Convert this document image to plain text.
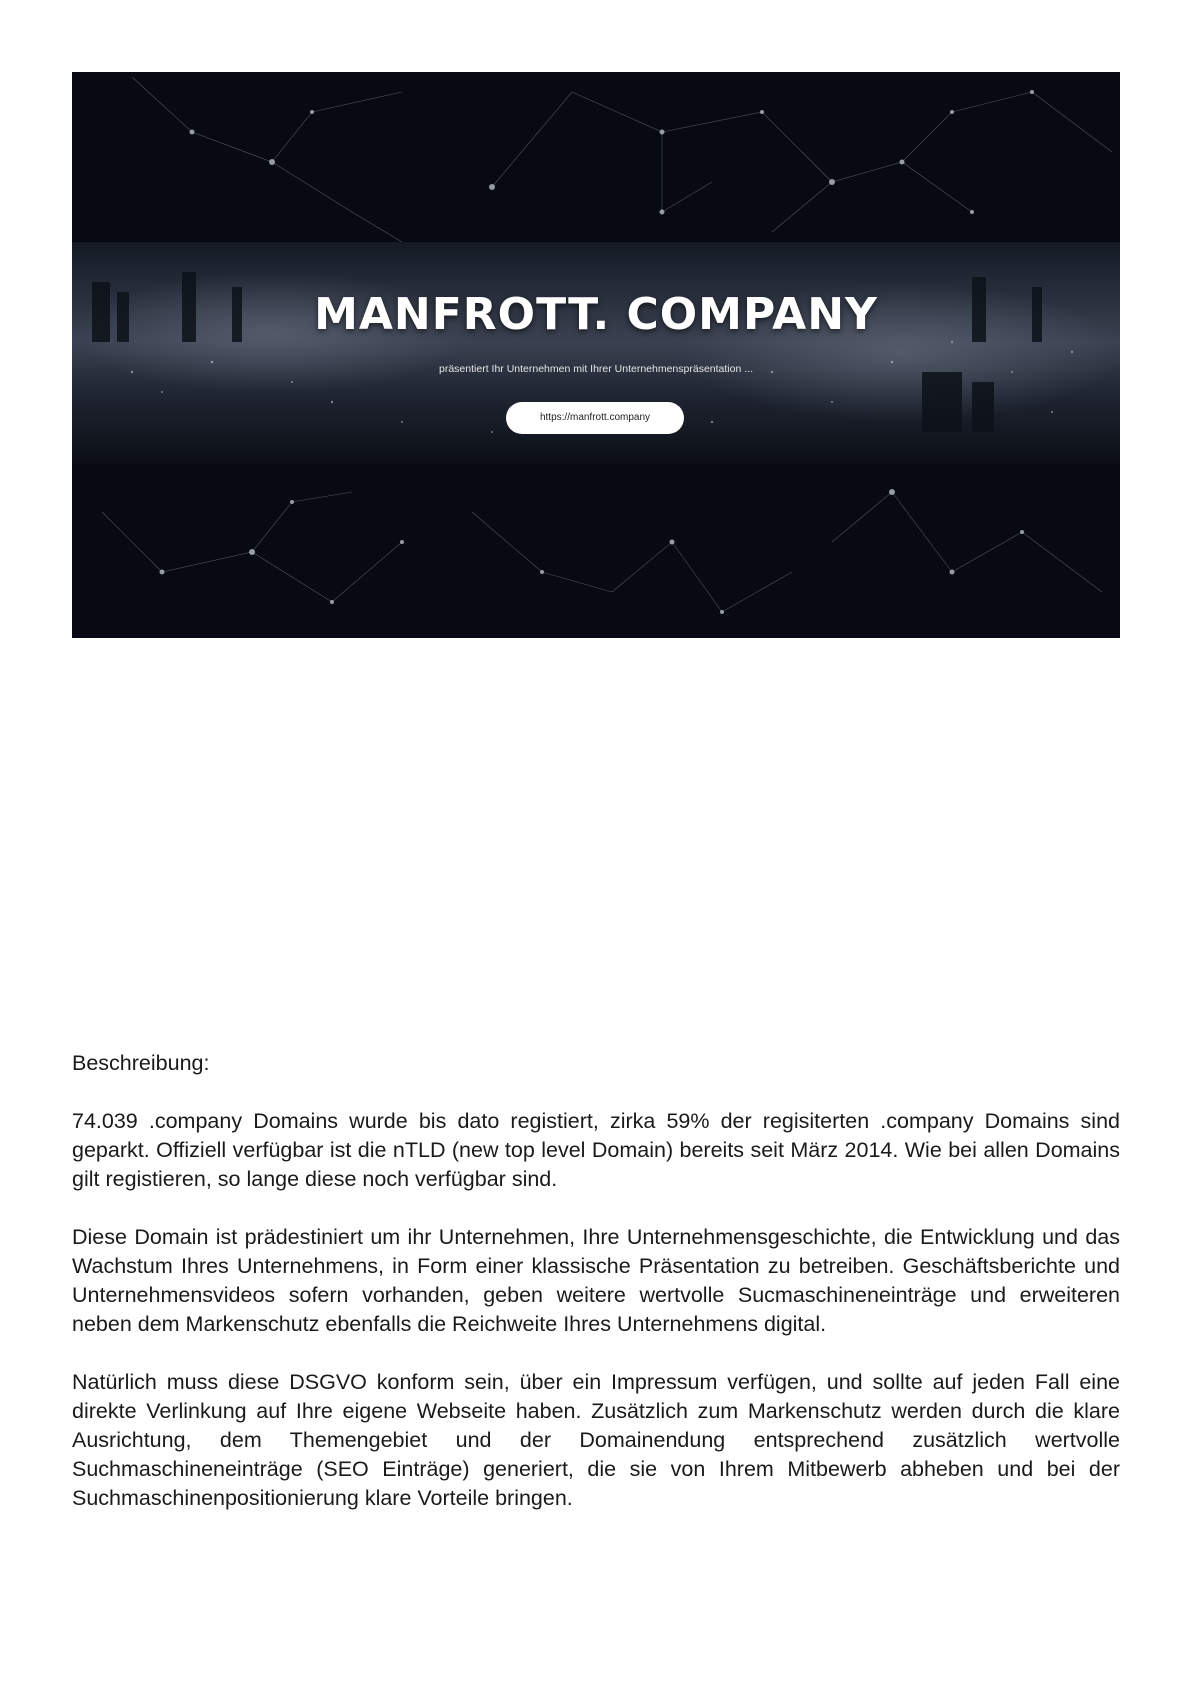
MANFROTT. COMPANY
präsentiert Ihr Unternehmen mit Ihrer Unternehmenspräsentation ...
https://manfrott.company

Beschreibung:

74.039 .company Domains wurde bis dato registiert, zirka 59% der regisiterten .company Domains sind geparkt. Offiziell verfügbar ist die nTLD (new top level Domain) bereits seit März 2014. Wie bei allen Domains gilt registieren, so lange diese noch verfügbar sind.

Diese Domain ist prädestiniert um ihr Unternehmen, Ihre Unternehmensgeschichte, die Entwicklung und das Wachstum Ihres Unternehmens, in Form einer klassische Präsentation zu betreiben. Geschäftsberichte und Unternehmensvideos sofern vorhanden, geben weitere wertvolle Sucmaschineneinträge und erweiteren neben dem Markenschutz ebenfalls die Reichweite Ihres Unternehmens digital.

Natürlich muss diese DSGVO konform sein, über ein Impressum verfügen, und sollte auf jeden Fall eine direkte Verlinkung auf Ihre eigene Webseite haben. Zusätzlich zum Markenschutz werden durch die klare Ausrichtung, dem Themengebiet und der Domainendung entsprechend zusätzlich wertvolle Suchmaschineneinträge (SEO Einträge) generiert, die sie von Ihrem Mitbewerb abheben und bei der Suchmaschinenpositionierung klare Vorteile bringen.
